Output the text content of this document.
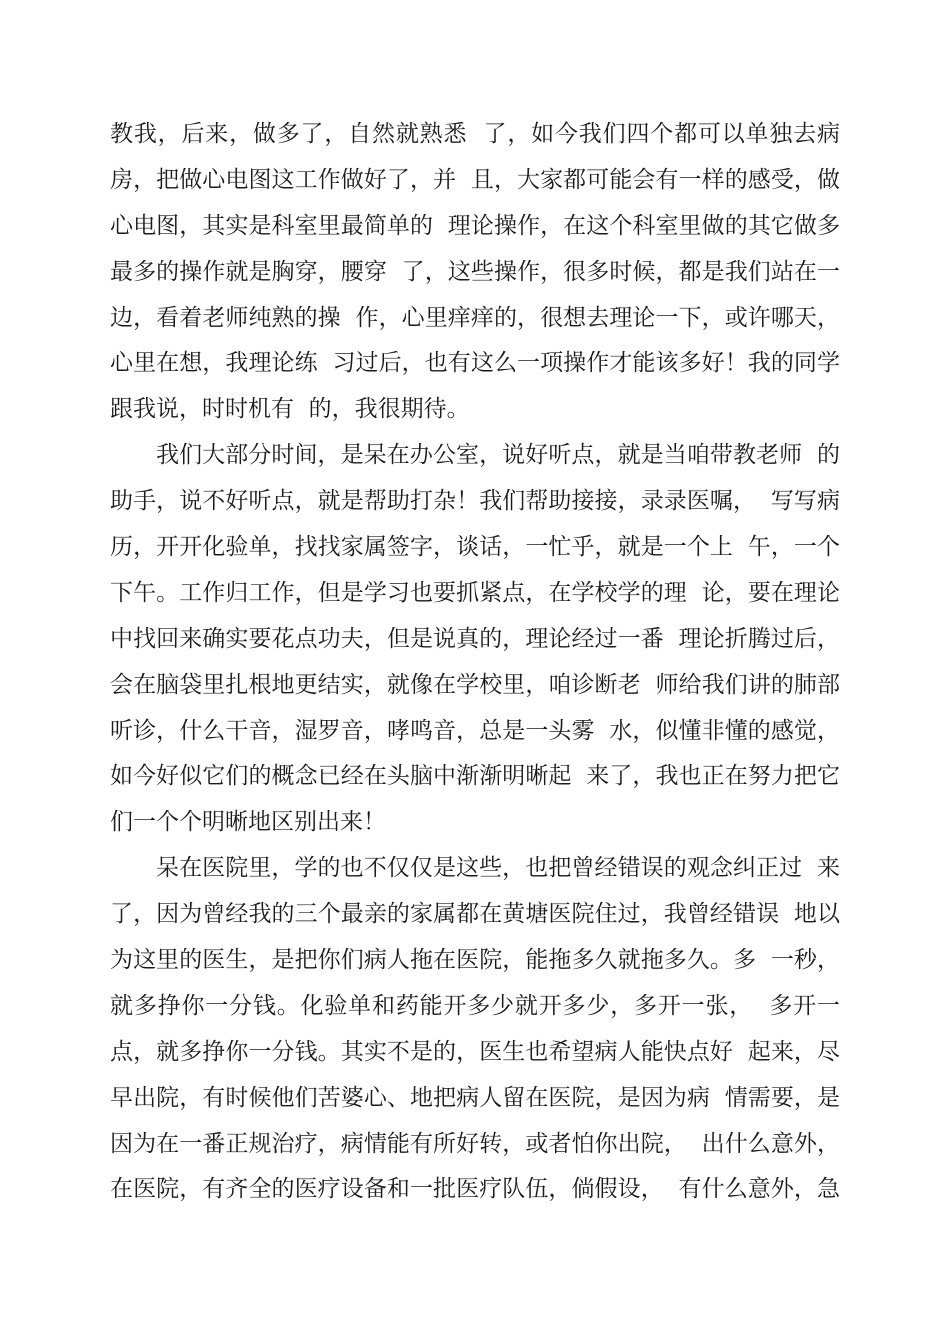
教我，后来，做多了，自然就熟悉  了，如今我们四个都可以单独去病
房，把做心电图这工作做好了，并  且，大家都可能会有一样的感受，做
心电图，其实是科室里最简单的  理论操作，在这个科室里做的其它做多
最多的操作就是胸穿，腰穿  了，这些操作，很多时候，都是我们站在一
边，看着老师纯熟的操  作，心里痒痒的，很想去理论一下，或许哪天，
心里在想，我理论练  习过后，也有这么一项操作才能该多好！我的同学
跟我说，时时机有  的，我很期待。
我们大部分时间，是呆在办公室，说好听点，就是当咱带教老师  的
助手，说不好听点，就是帮助打杂！我们帮助接接，录录医嘱，  写写病
历，开开化验单，找找家属签字，谈话，一忙乎，就是一个上  午，一个
下午。工作归工作，但是学习也要抓紧点，在学校学的理  论，要在理论
中找回来确实要花点功夫，但是说真的，理论经过一番  理论折腾过后，
会在脑袋里扎根地更结实，就像在学校里，咱诊断老  师给我们讲的肺部
听诊，什么干音，湿罗音，哮鸣音，总是一头雾  水，似懂非懂的感觉，
如今好似它们的概念已经在头脑中渐渐明晰起  来了，我也正在努力把它
们一个个明晰地区别出来！
呆在医院里，学的也不仅仅是这些，也把曾经错误的观念纠正过  来
了，因为曾经我的三个最亲的家属都在黄塘医院住过，我曾经错误  地以
为这里的医生，是把你们病人拖在医院，能拖多久就拖多久。多  一秒，
就多挣你一分钱。化验单和药能开多少就开多少，多开一张，  多开一
点，就多挣你一分钱。其实不是的，医生也希望病人能快点好  起来，尽
早出院，有时候他们苦婆心、地把病人留在医院，是因为病  情需要，是
因为在一番正规治疗，病情能有所好转，或者怕你出院，  出什么意外，
在医院，有齐全的医疗设备和一批医疗队伍，倘假设，  有什么意外，急
